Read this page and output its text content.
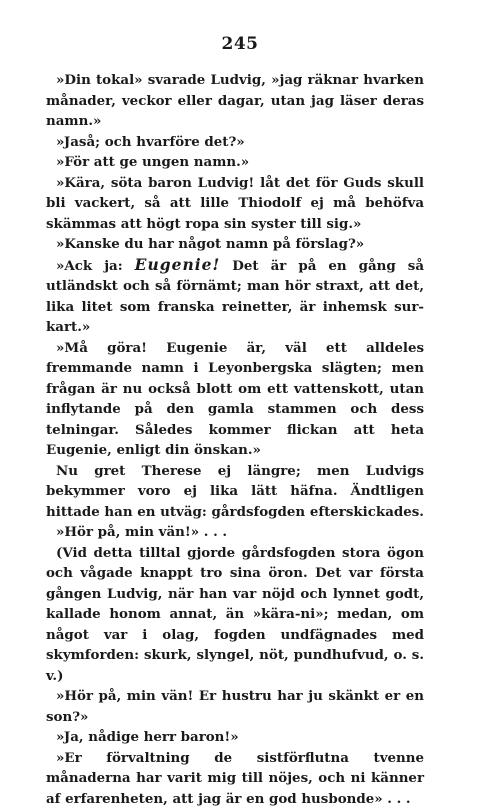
245

»Din tokal» svarade Ludvig, »jag räknar hvarken månader, veckor eller dagar, utan jag läser deras namn.»

»Jaså; och hvarföre det?»

»För att ge ungen namn.»

»Kära, söta baron Ludvig! låt det för Guds skull bli vackert, så att lille Thiodolf ej må behöfva skämmas att högt ropa sin syster till sig.»

»Kanske du har något namn på förslag?»

»Ack ja: Eugenie! Det är på en gång så utländskt och så förnämt; man hör straxt, att det, lika litet som franska reinetter, är inhemsk sur-kart.»

»Må göra! Eugenie är, väl ett alldeles fremmande namn i Leyonbergska slägten; men frågan är nu också blott om ett vattenskott, utan inflytande på den gamla stammen och dess telningar. Således kommer flickan att heta Eugenie, enligt din önskan.»

Nu gret Therese ej längre; men Ludvigs bekymmer voro ej lika lätt häfna. Ändtligen hittade han en utväg: gårdsfogden efterskickades.

»Hör på, min vän!» . . .

(Vid detta tilltal gjorde gårdsfogden stora ögon och vågade knappt tro sina öron. Det var första gången Ludvig, när han var nöjd och lynnet godt, kallade honom annat, än »kära-ni»; medan, om något var i olag, fogden undfägnades med skymforden: skurk, slyngel, nöt, pundhufvud, o. s. v.)

»Hör på, min vän! Er hustru har ju skänkt er en son?»

»Ja, nådige herr baron!»

»Er förvaltning de sistförflutna tvenne månaderna har varit mig till nöjes, och ni känner af erfarenheten, att jag är en god husbonde» . . .
